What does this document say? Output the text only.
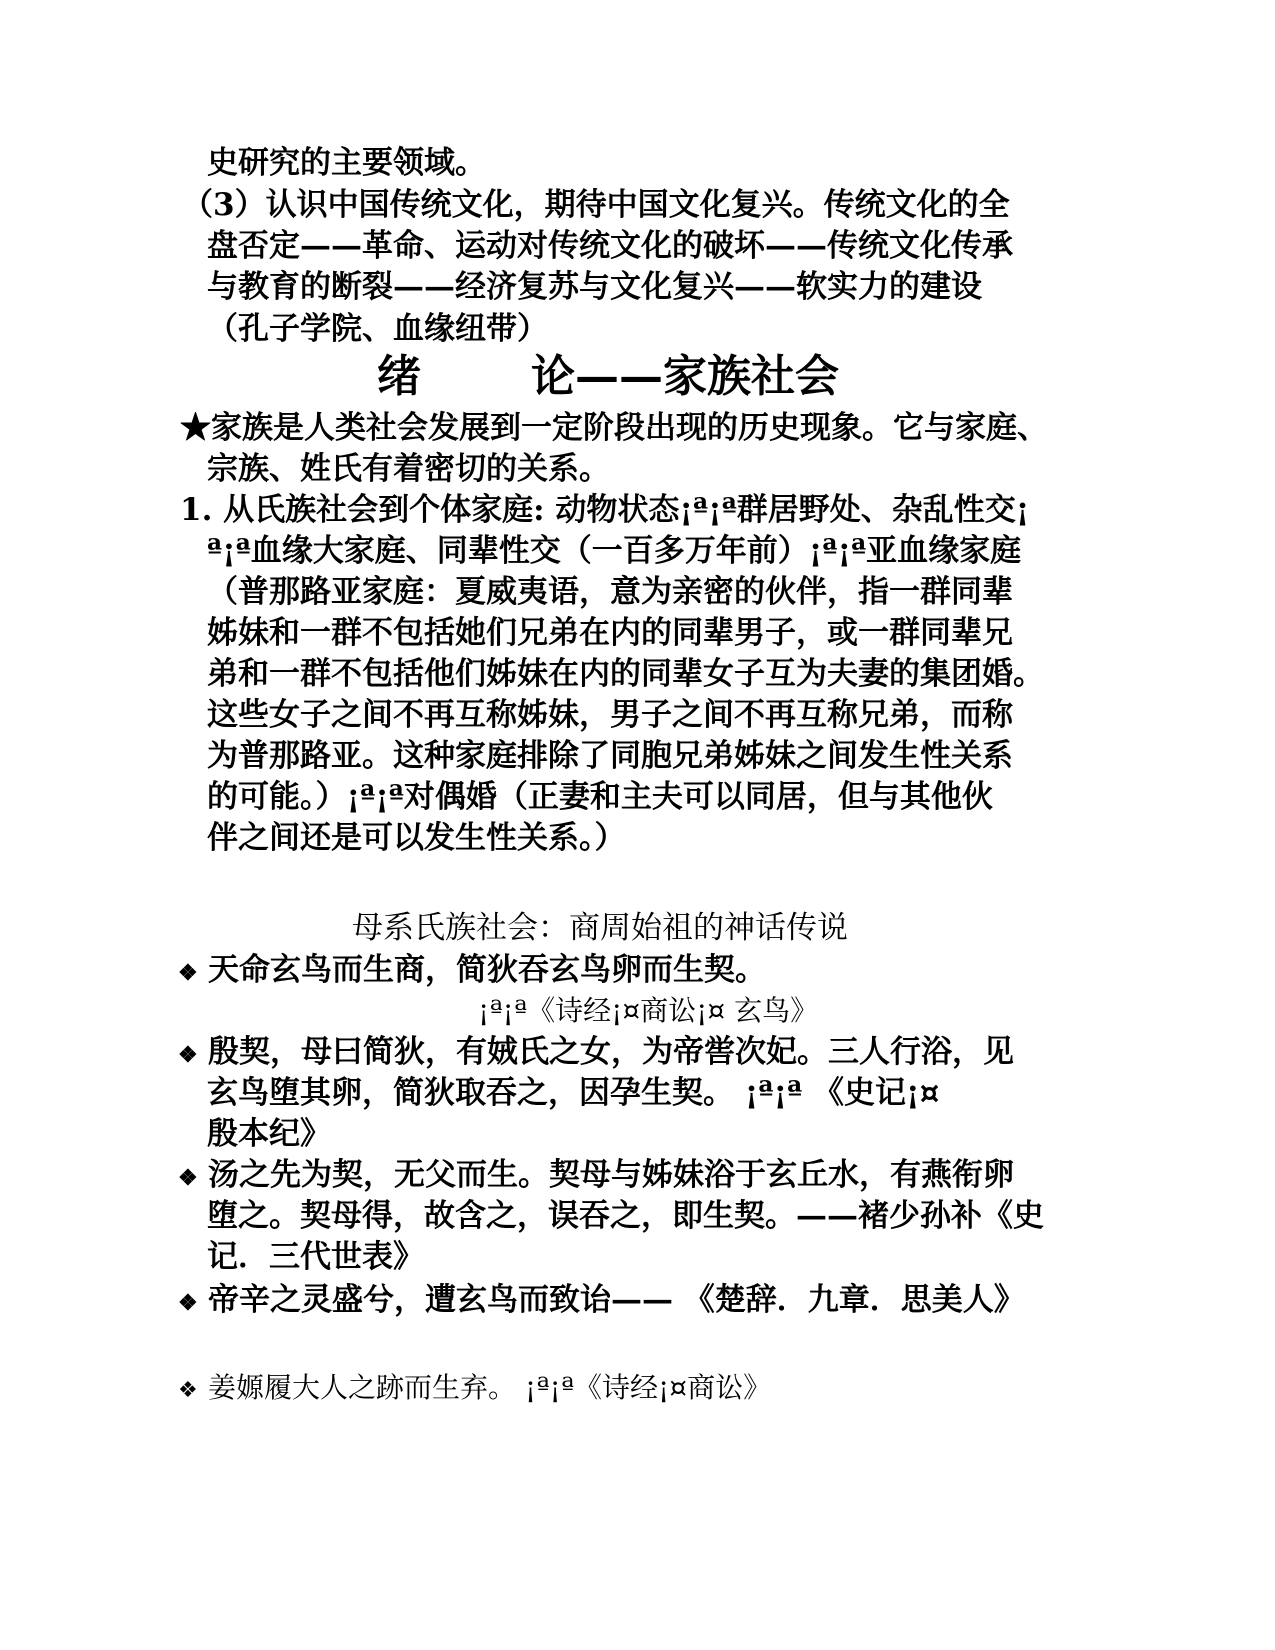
史研究的主要领域。
（3）认识中国传统文化，期待中国文化复兴。传统文化的全
盘否定——革命、运动对传统文化的破坏——传统文化传承
与教育的断裂——经济复苏与文化复兴——软实力的建设
（孔子学院、血缘纽带）
绪	论——家族社会
★家族是人类社会发展到一定阶段出现的历史现象。它与家庭、
宗族、姓氏有着密切的关系。
1. 从氏族社会到个体家庭: 动物状态¡ª¡ª群居野处、杂乱性交¡
ª¡ª血缘大家庭、同辈性交（一百多万年前）¡ª¡ª亚血缘家庭
（普那路亚家庭：夏威夷语，意为亲密的伙伴，指一群同辈
姊妹和一群不包括她们兄弟在内的同辈男子，或一群同辈兄
弟和一群不包括他们姊妹在内的同辈女子互为夫妻的集团婚。
这些女子之间不再互称姊妹，男子之间不再互称兄弟，而称
为普那路亚。这种家庭排除了同胞兄弟姊妹之间发生性关系
的可能。）¡ª¡ª对偶婚（正妻和主夫可以同居，但与其他伙
伴之间还是可以发生性关系。）
母系氏族社会：商周始祖的神话传说
❖ 天命玄鸟而生商，简狄吞玄鸟卵而生契。
¡ª¡ª《诗经¡¤商讼¡¤ 玄鸟》
❖ 殷契，母曰简狄，有娀氏之女，为帝喾次妃。三人行浴，见
玄鸟堕其卵，简狄取吞之，因孕生契。 ¡ª¡ª 《史记¡¤
殷本纪》
❖ 汤之先为契，无父而生。契母与姊妹浴于玄丘水，有燕衔卵
堕之。契母得，故含之，误吞之，即生契。——褚少孙补《史
记．三代世表》
❖ 帝辛之灵盛兮，遭玄鸟而致诒—— 《楚辞．九章．思美人》
❖ 姜嫄履大人之跡而生弃。 ¡ª¡ª《诗经¡¤商讼》
